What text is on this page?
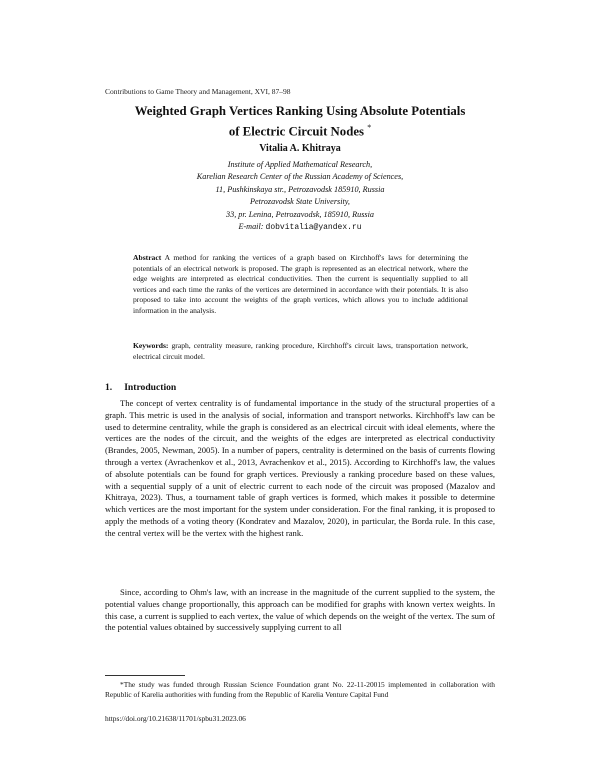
Contributions to Game Theory and Management, XVI, 87–98
Weighted Graph Vertices Ranking Using Absolute Potentials
of Electric Circuit Nodes *
Vitalia A. Khitraya
Institute of Applied Mathematical Research,
Karelian Research Center of the Russian Academy of Sciences,
11, Pushkinskaya str., Petrozavodsk 185910, Russia
Petrozavodsk State University,
33, pr. Lenina, Petrozavodsk, 185910, Russia
E-mail: dobvitalia@yandex.ru
Abstract A method for ranking the vertices of a graph based on Kirchhoff's laws for determining the potentials of an electrical network is proposed. The graph is represented as an electrical network, where the edge weights are interpreted as electrical conductivities. Then the current is sequentially supplied to all vertices and each time the ranks of the vertices are determined in accordance with their potentials. It is also proposed to take into account the weights of the graph vertices, which allows you to include additional information in the analysis.
Keywords: graph, centrality measure, ranking procedure, Kirchhoff's circuit laws, transportation network, electrical circuit model.
1. Introduction
The concept of vertex centrality is of fundamental importance in the study of the structural properties of a graph. This metric is used in the analysis of social, information and transport networks. Kirchhoff's law can be used to determine centrality, while the graph is considered as an electrical circuit with ideal elements, where the vertices are the nodes of the circuit, and the weights of the edges are interpreted as electrical conductivity (Brandes, 2005, Newman, 2005). In a number of papers, centrality is determined on the basis of currents flowing through a vertex (Avrachenkov et al., 2013, Avrachenkov et al., 2015). According to Kirchhoff's law, the values of absolute potentials can be found for graph vertices. Previously a ranking procedure based on these values, with a sequential supply of a unit of electric current to each node of the circuit was proposed (Mazalov and Khitraya, 2023). Thus, a tournament table of graph vertices is formed, which makes it possible to determine which vertices are the most important for the system under consideration. For the final ranking, it is proposed to apply the methods of a voting theory (Kondratev and Mazalov, 2020), in particular, the Borda rule. In this case, the central vertex will be the vertex with the highest rank.
Since, according to Ohm's law, with an increase in the magnitude of the current supplied to the system, the potential values change proportionally, this approach can be modified for graphs with known vertex weights. In this case, a current is supplied to each vertex, the value of which depends on the weight of the vertex. The sum of the potential values obtained by successively supplying current to all
*The study was funded through Russian Science Foundation grant No. 22-11-20015 implemented in collaboration with Republic of Karelia authorities with funding from the Republic of Karelia Venture Capital Fund
https://doi.org/10.21638/11701/spbu31.2023.06
